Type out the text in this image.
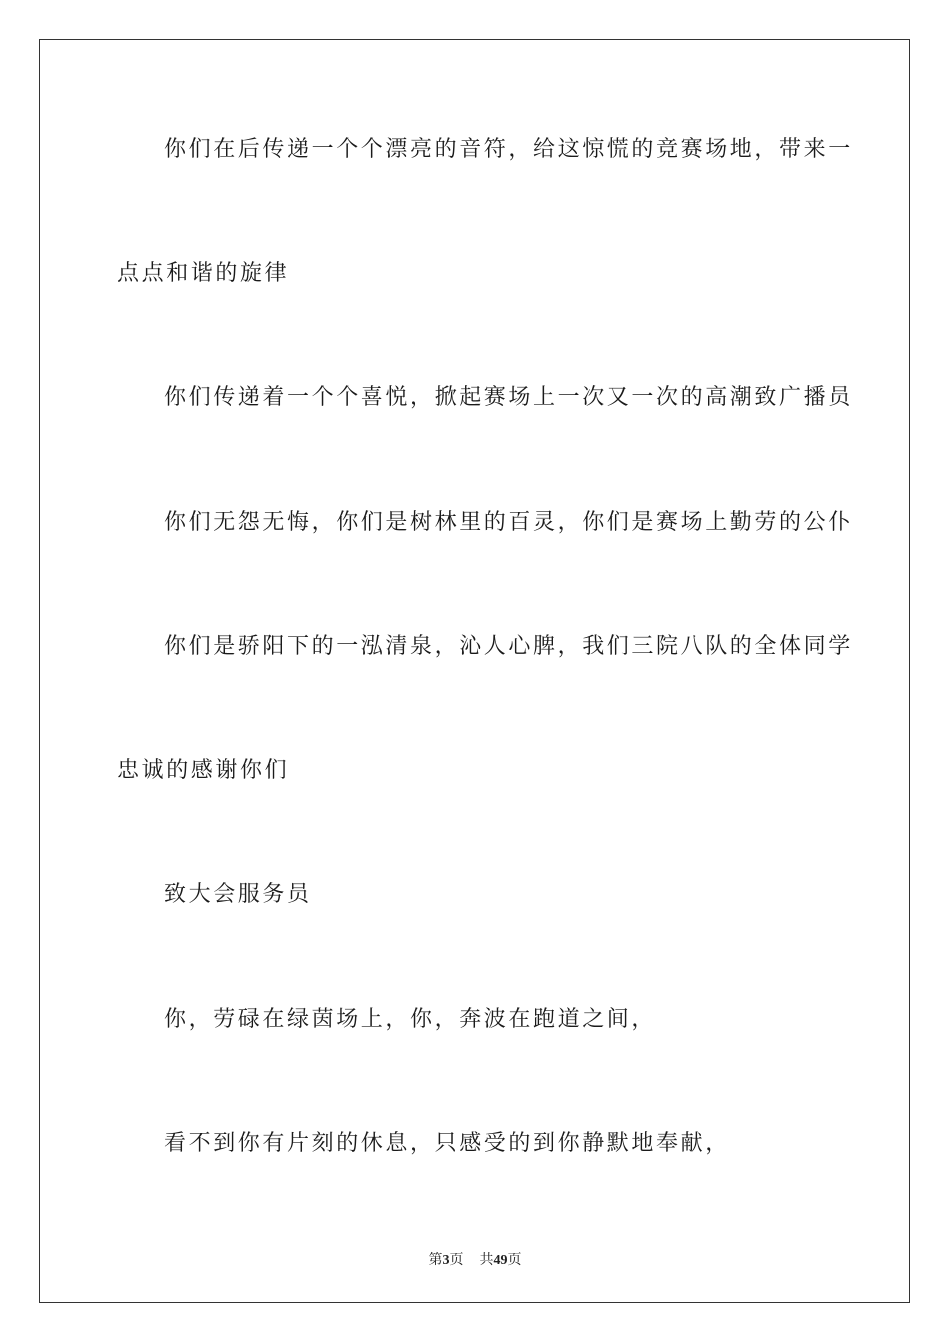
你们在后传递一个个漂亮的音符，给这惊慌的竞赛场地，带来一
点点和谐的旋律
你们传递着一个个喜悦，掀起赛场上一次又一次的高潮致广播员
你们无怨无悔，你们是树林里的百灵，你们是赛场上勤劳的公仆
你们是骄阳下的一泓清泉，沁人心脾，我们三院八队的全体同学
忠诚的感谢你们
致大会服务员
你，劳碌在绿茵场上，你，奔波在跑道之间，
看不到你有片刻的休息，只感受的到你静默地奉献，
第3页 共49页
